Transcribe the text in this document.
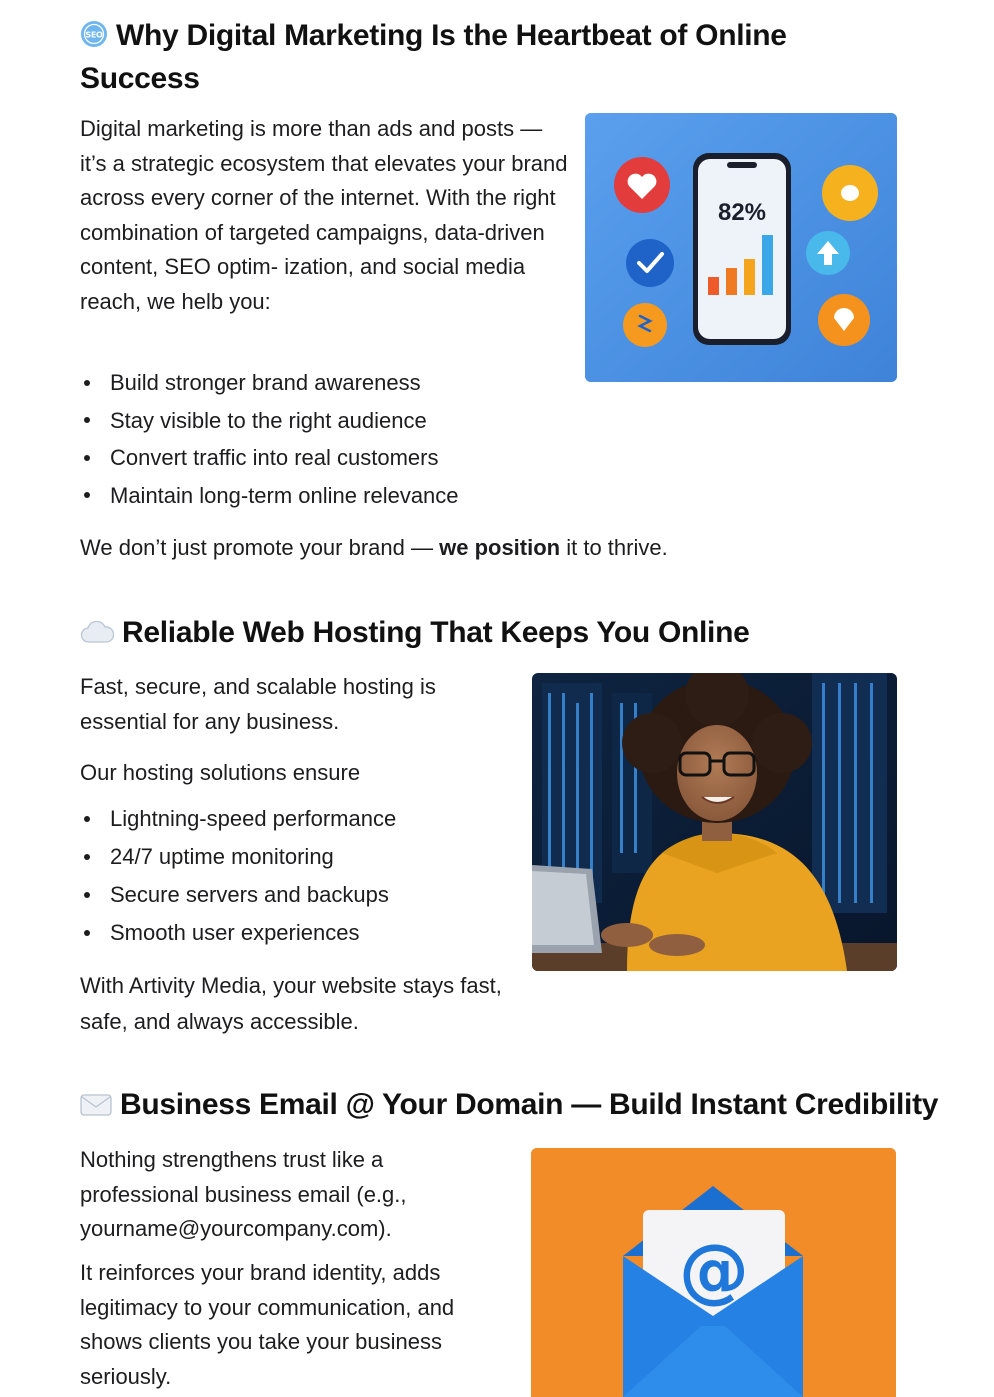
SEO Why Digital Marketing Is the Heartbeat of Online Success

Digital marketing is more than ads and posts — it’s a strategic ecosystem that elevates your brand across every corner of the internet. With the right combination of targeted campaigns, data-driven content, SEO optim- ization, and social media reach, we helb you:

Build stronger brand awareness
Stay visible to the right audience
Convert traffic into real customers
Maintain long-term online relevance

We don’t just promote your brand — we position it to thrive.

82%
Reliable Web Hosting That Keeps You Online

Fast, secure, and scalable hosting is essential for any business.

Our hosting solutions ensure

Lightning-speed performance
24/7 uptime monitoring
Secure servers and backups
Smooth user experiences

With Artivity Media, your website stays fast, safe, and always accessible.

Business Email @ Your Domain — Build Instant Credibility

Nothing strengthens trust like a professional business email (e.g., yourname@yourcompany.com).

It reinforces your brand identity, adds legitimacy to your communication, and shows clients you take your business seriously.

@
